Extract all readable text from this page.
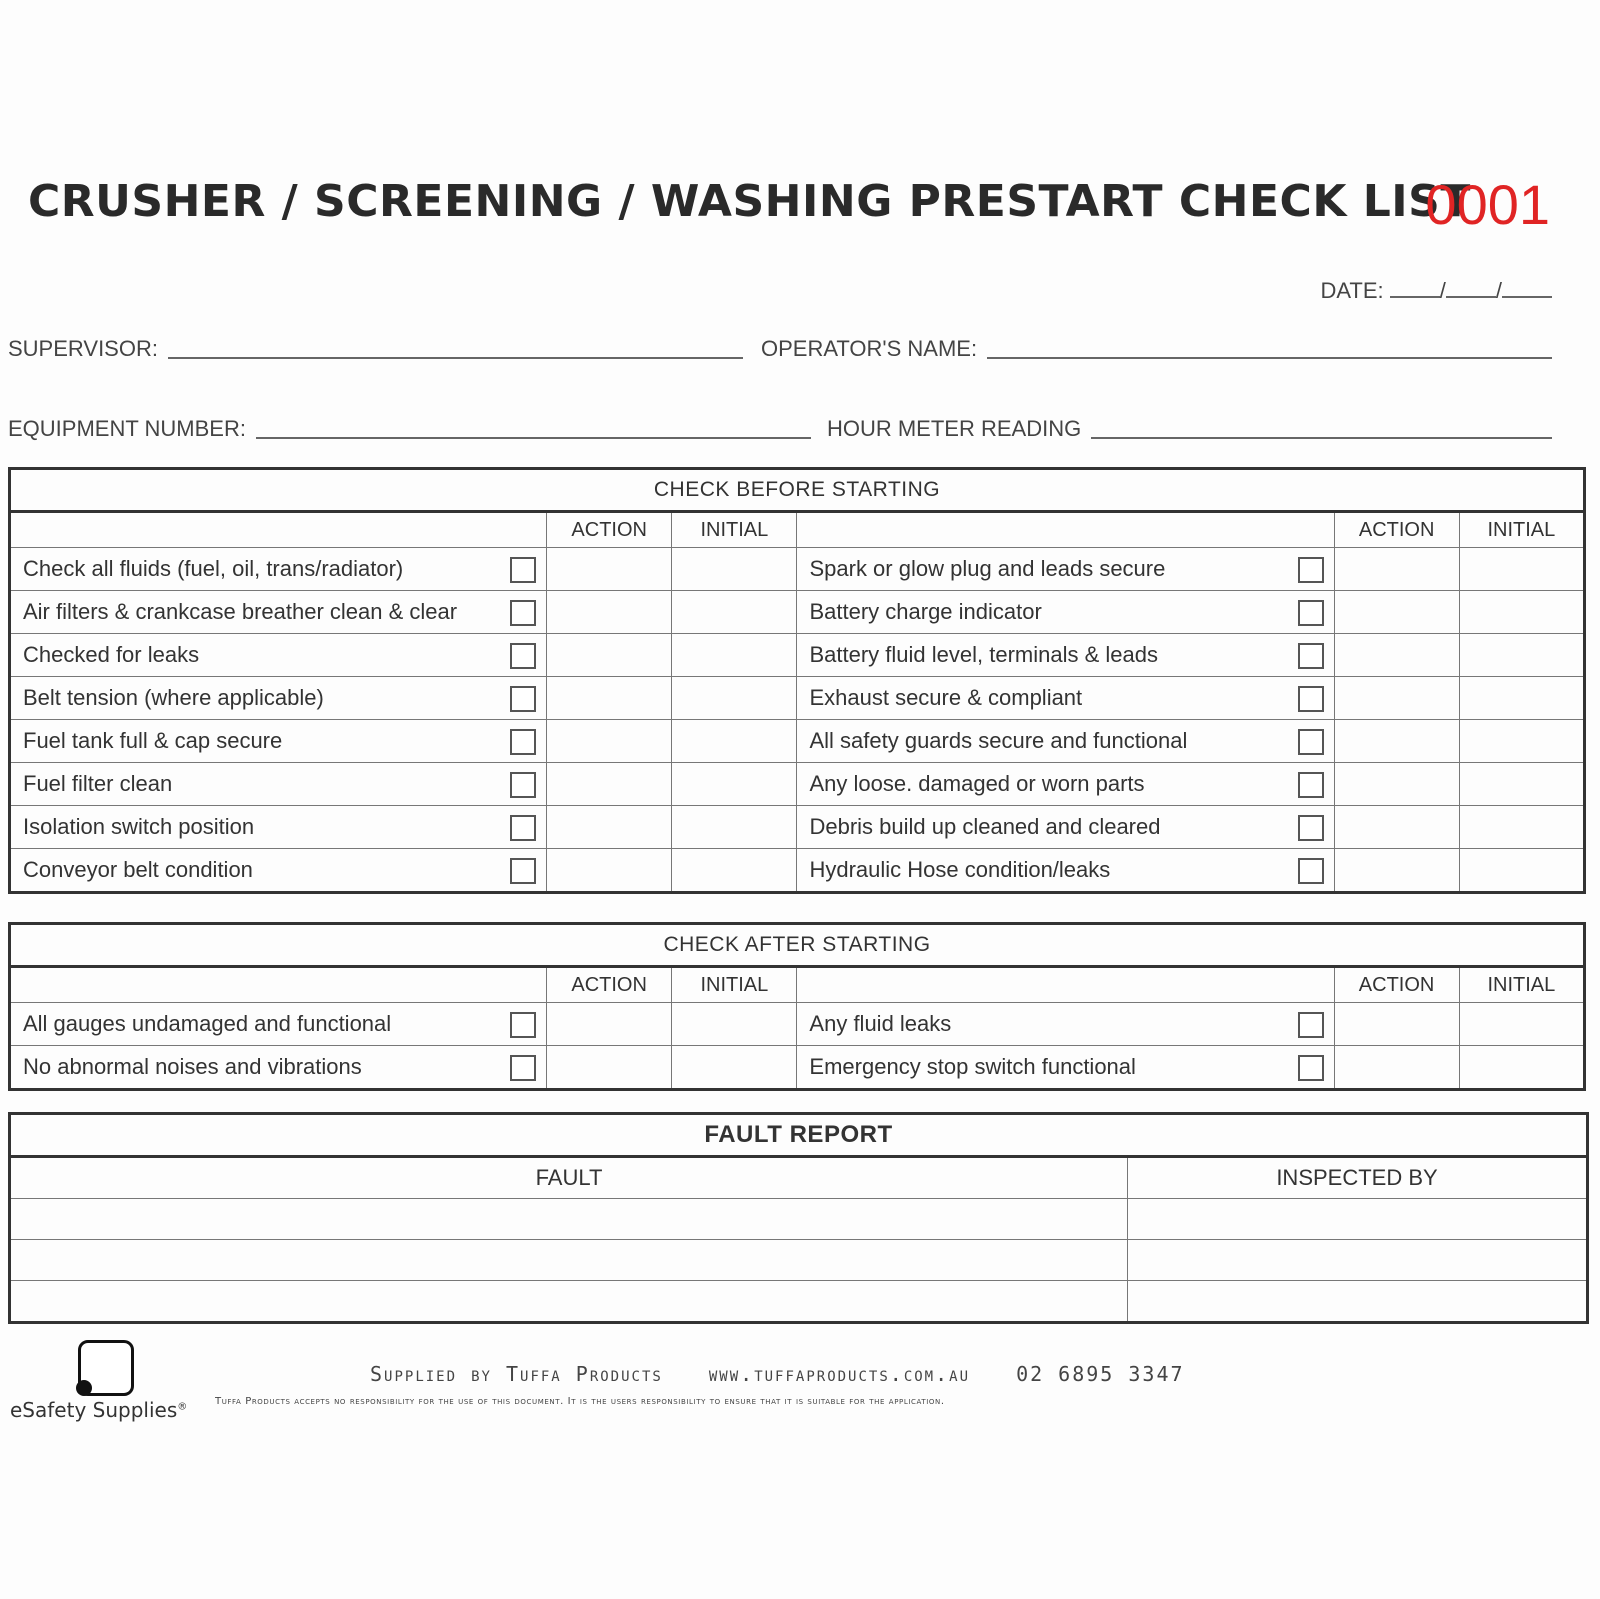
CRUSHER / SCREENING / WASHING PRESTART CHECK LIST
0001
DATE:	/ /
SUPERVISOR:	OPERATOR'S NAME:
EQUIPMENT NUMBER:	HOUR METER READING
CHECK BEFORE STARTING							
		ACTION	INITIAL			ACTION	INITIAL
Check all fluids (fuel, oil, trans/radiator)				Spark or glow plug and leads secure			
Air filters & crankcase breather clean & clear				Battery charge indicator			
Checked for leaks				Battery fluid level, terminals & leads			
Belt tension (where applicable)				Exhaust secure & compliant			
Fuel tank full & cap secure				All safety guards secure and functional			
Fuel filter clean				Any loose. damaged or worn parts			
Isolation switch position				Debris build up cleaned and cleared			
Conveyor belt condition				Hydraulic Hose condition/leaks			
CHECK AFTER STARTING							
		ACTION	INITIAL			ACTION	INITIAL
All gauges undamaged and functional				Any fluid leaks			
No abnormal noises and vibrations				Emergency stop switch functional			
FAULT REPORT	
FAULT	INSPECTED BY

eSafety Supplies®
Supplied by Tuffa Products www.tuffaproducts.com.au 02 6895 3347
Tuffa Products accepts no responsibility for the use of this document. It is the users responsibility to ensure that it is suitable for the application.
